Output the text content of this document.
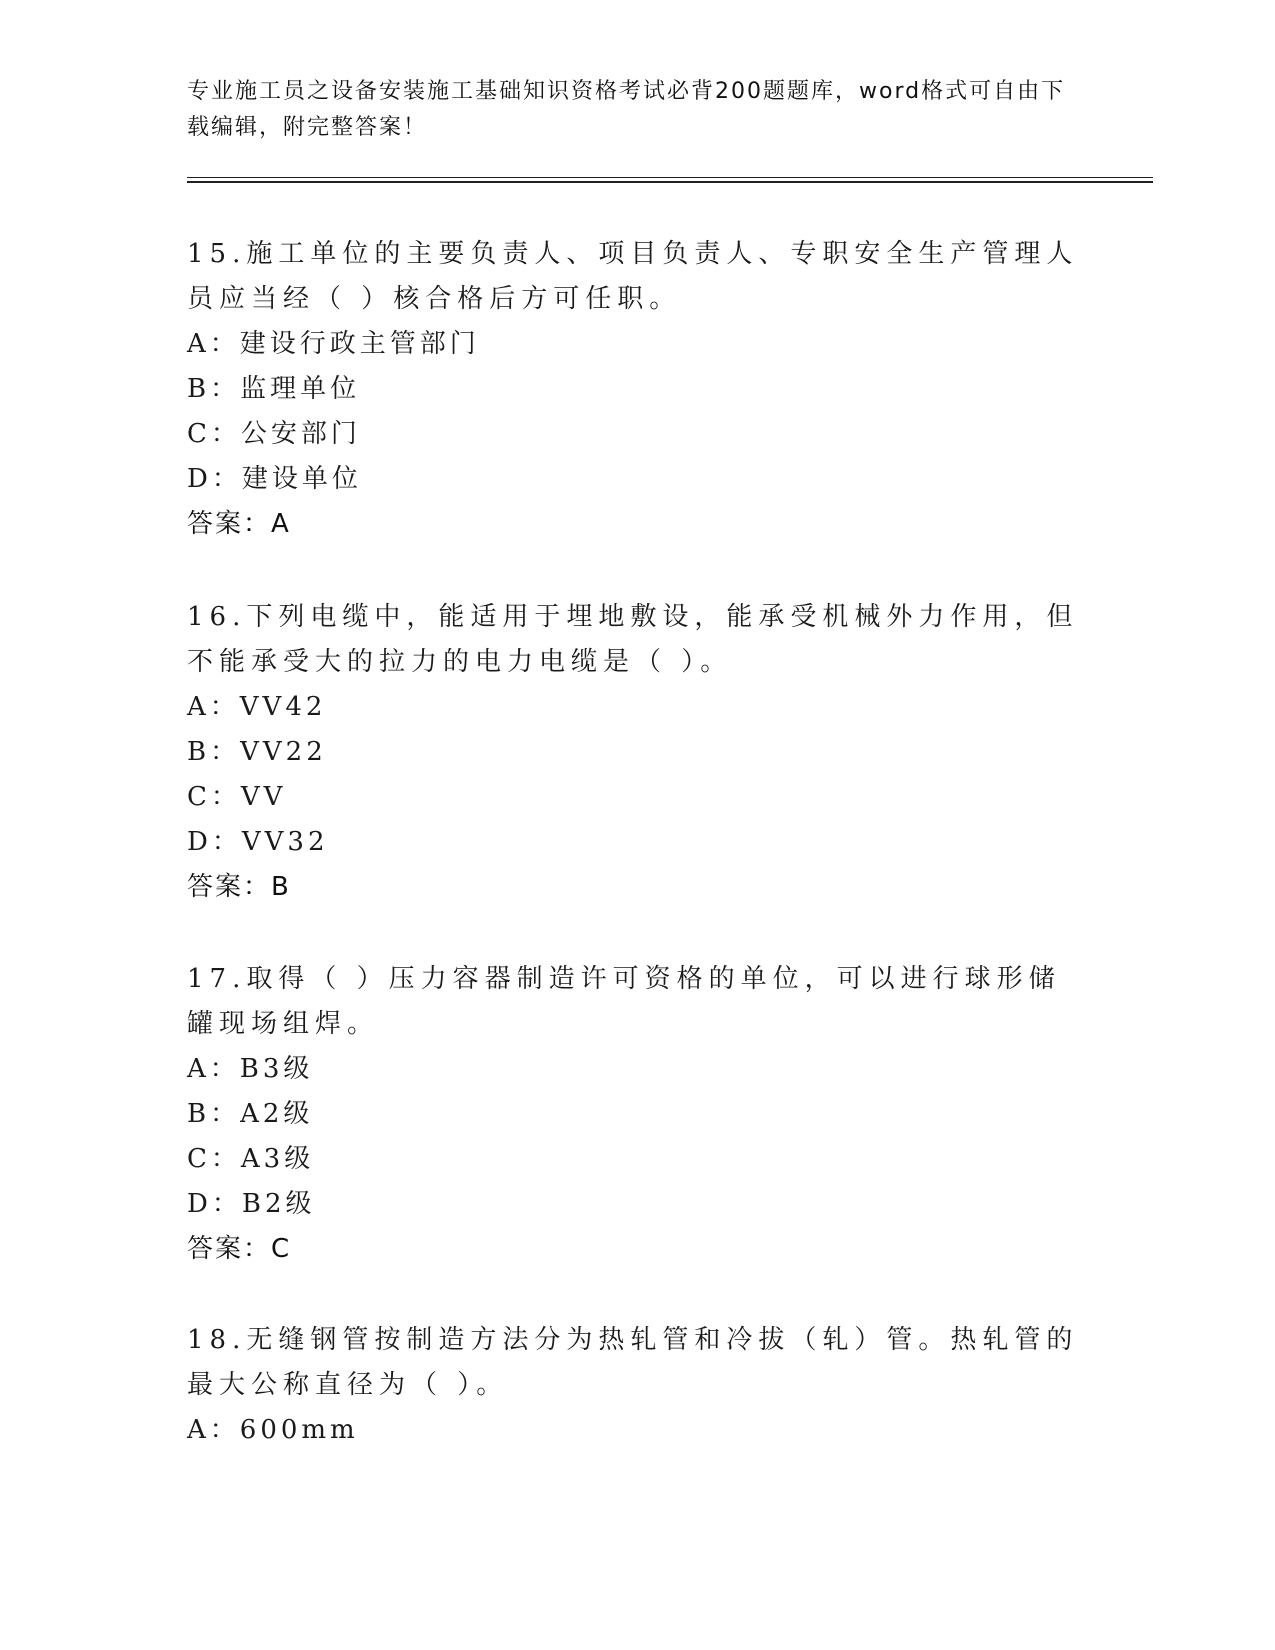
专业施工员之设备安装施工基础知识资格考试必背200题题库，word格式可自由下载编辑，附完整答案！

15.施工单位的主要负责人、项目负责人、专职安全生产管理人员应当经（ ）核合格后方可任职。

A：建设行政主管部门

B：监理单位

C：公安部门

D：建设单位

答案：A

16.下列电缆中，能适用于埋地敷设，能承受机械外力作用，但不能承受大的拉力的电力电缆是（ ）。

A：VV42

B：VV22

C：VV

D：VV32

答案：B

17.取得（ ）压力容器制造许可资格的单位，可以进行球形储罐现场组焊。

A：B3级

B：A2级

C：A3级

D：B2级

答案：C

18.无缝钢管按制造方法分为热轧管和冷拔（轧）管。热轧管的最大公称直径为（ ）。

A：600mm
